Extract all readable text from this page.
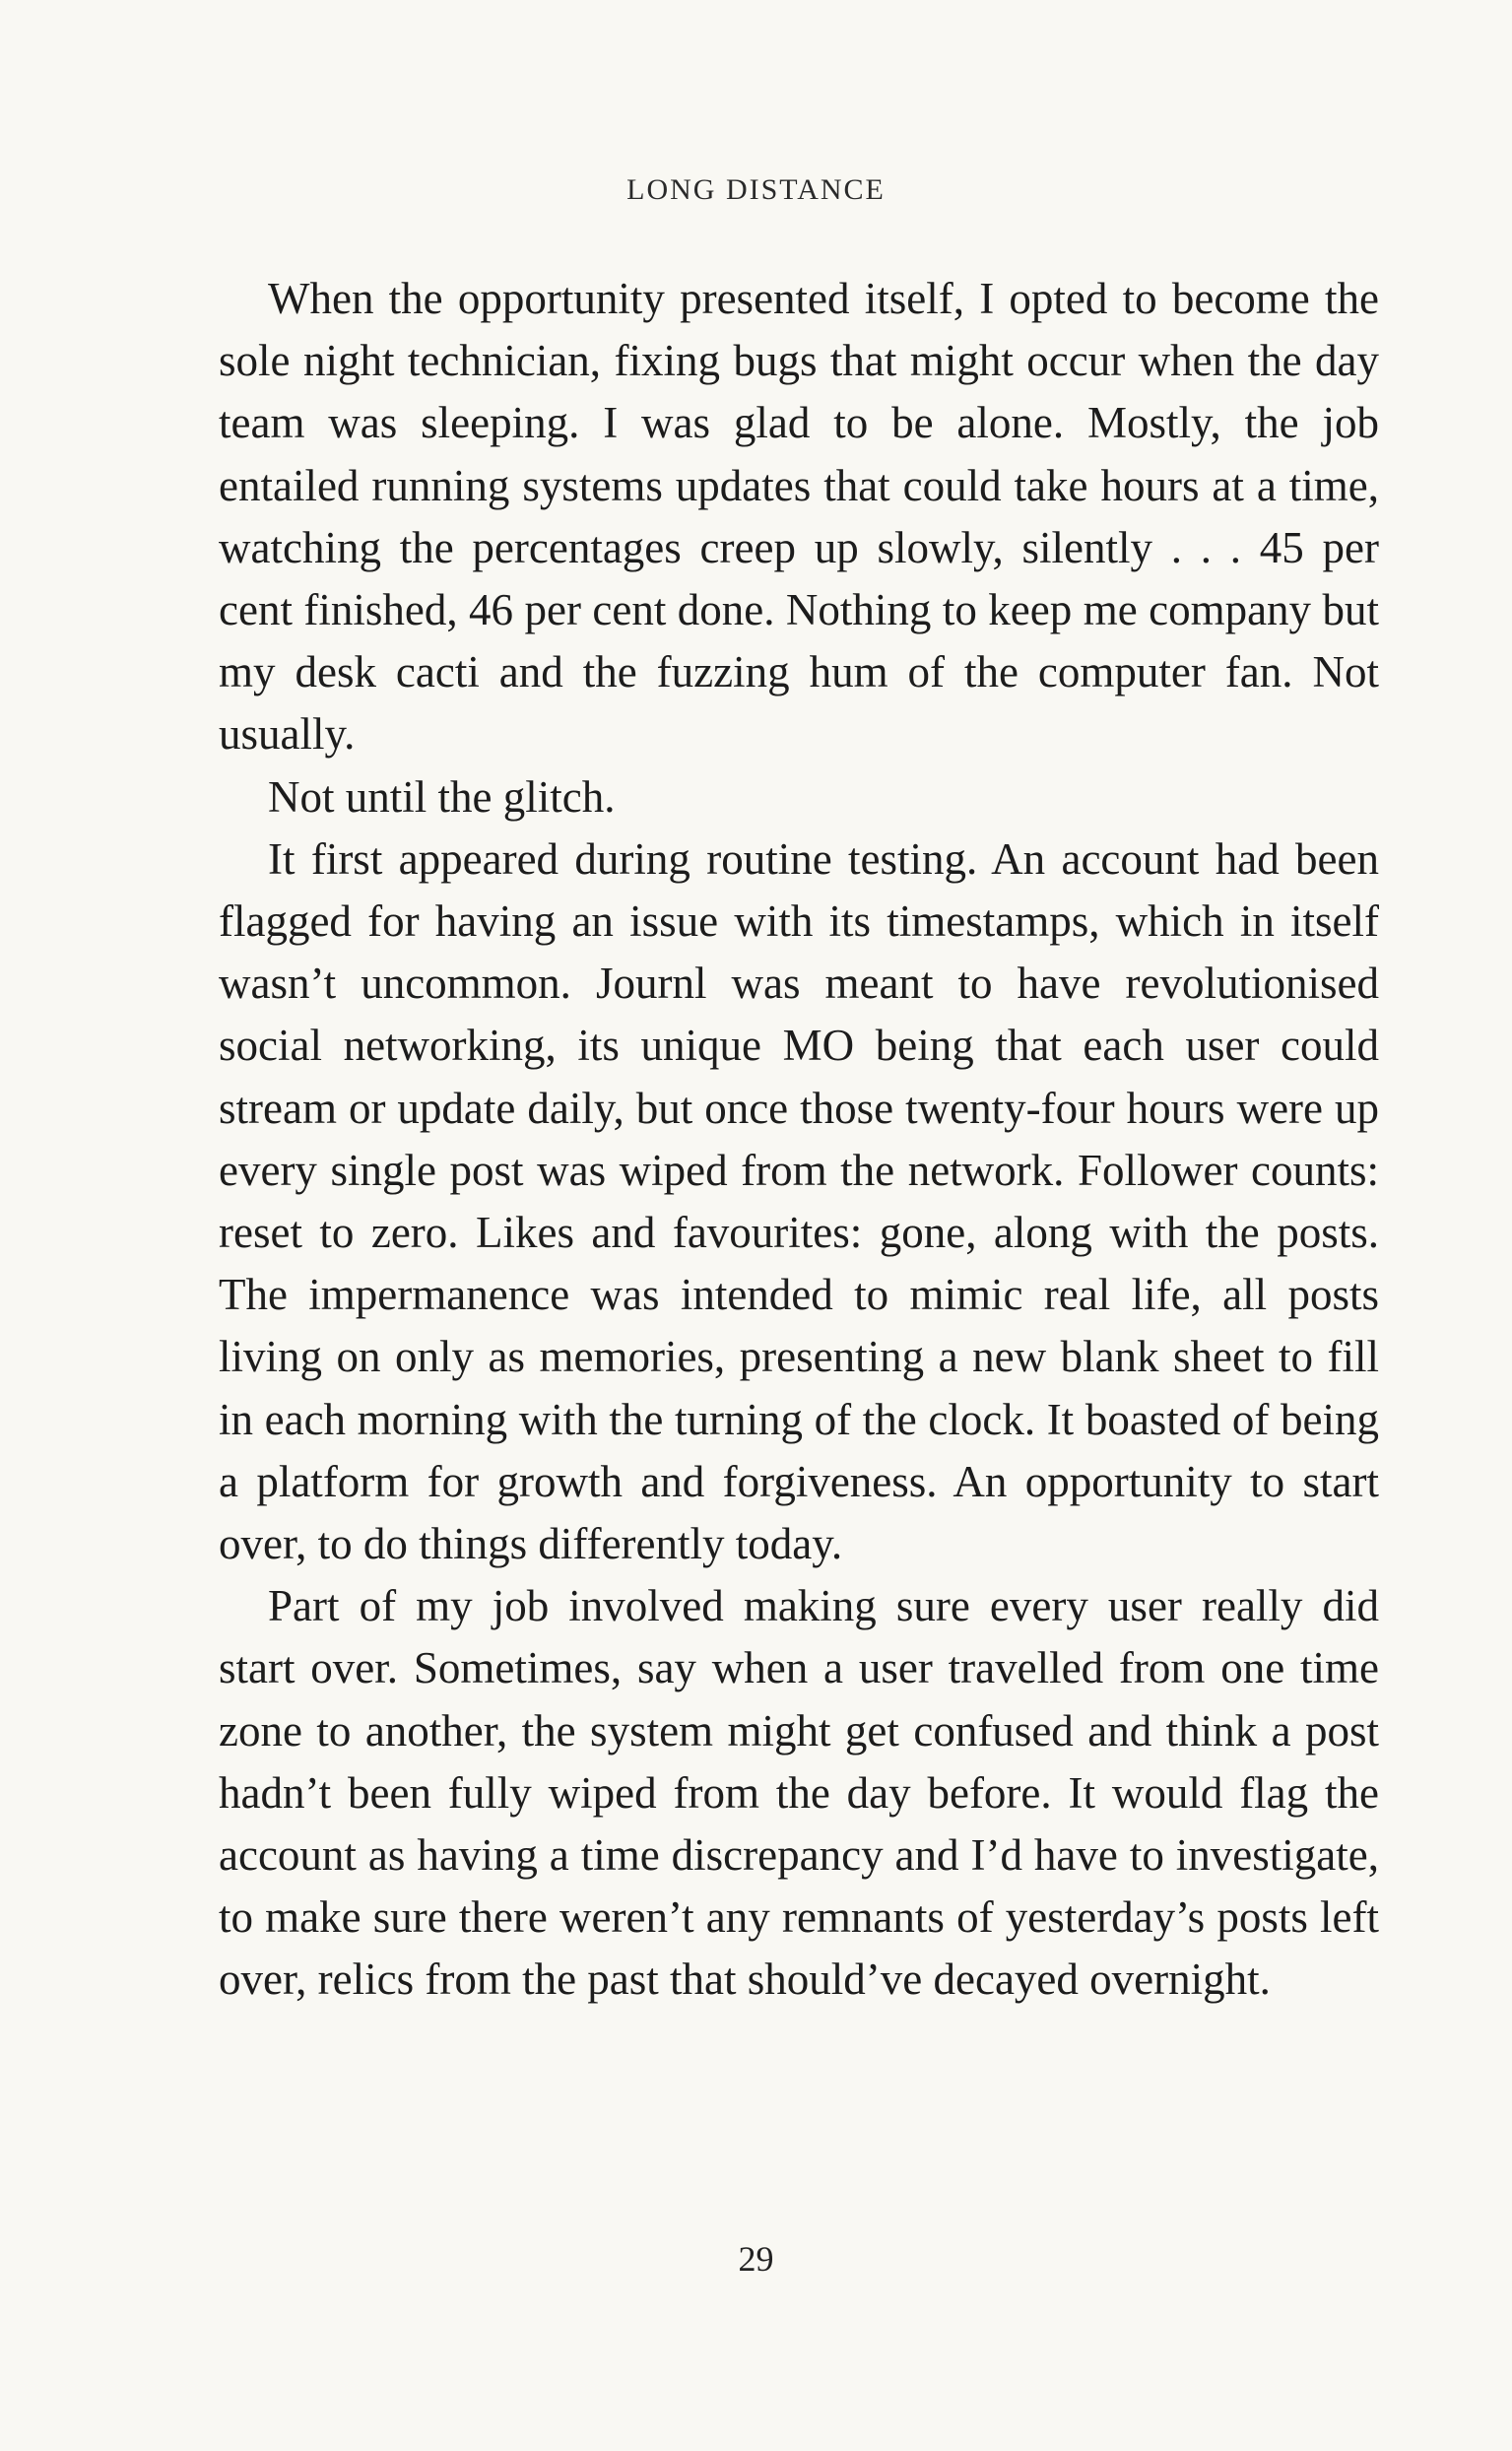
LONG DISTANCE

When the opportunity presented itself, I opted to become the sole night technician, fixing bugs that might occur when the day team was sleeping. I was glad to be alone. Mostly, the job entailed running systems updates that could take hours at a time, watching the percentages creep up slowly, silently . . . 45 per cent finished, 46 per cent done. Nothing to keep me company but my desk cacti and the fuzzing hum of the computer fan. Not usually.

Not until the glitch.

It first appeared during routine testing. An account had been flagged for having an issue with its timestamps, which in itself wasn’t uncommon. Journl was meant to have revolutionised social networking, its unique MO being that each user could stream or update daily, but once those twenty-four hours were up every single post was wiped from the network. Follower counts: reset to zero. Likes and favourites: gone, along with the posts. The impermanence was intended to mimic real life, all posts living on only as memories, presenting a new blank sheet to fill in each morning with the turning of the clock. It boasted of being a platform for growth and forgiveness. An opportunity to start over, to do things differently today.

Part of my job involved making sure every user really did start over. Sometimes, say when a user travelled from one time zone to another, the system might get confused and think a post hadn’t been fully wiped from the day before. It would flag the account as having a time discrepancy and I’d have to investigate, to make sure there weren’t any remnants of yesterday’s posts left over, relics from the past that should’ve decayed overnight.

29
